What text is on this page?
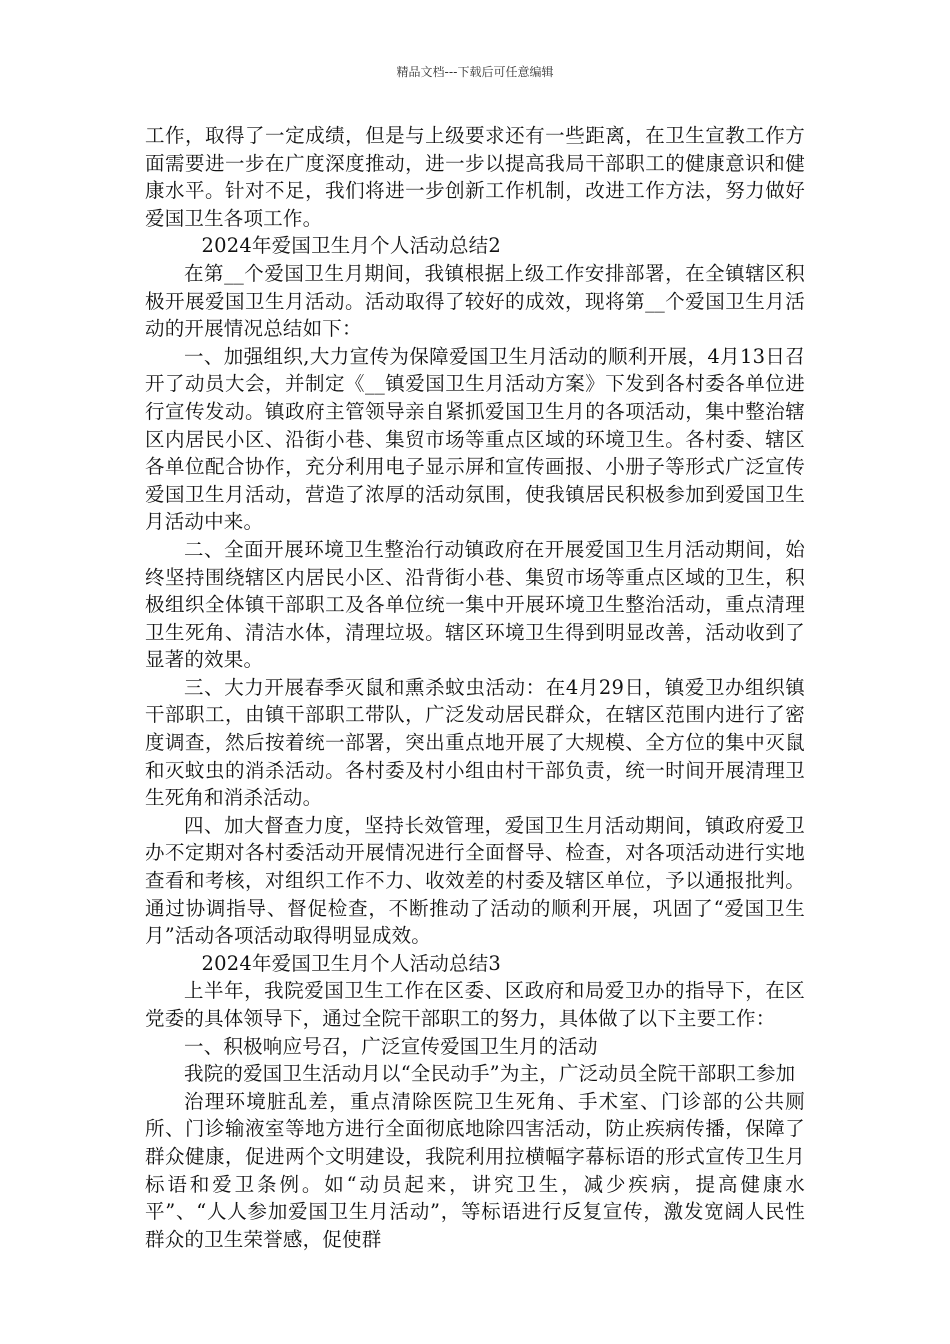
精品文档---下载后可任意编辑

工作，取得了一定成绩，但是与上级要求还有一些距离，在卫生宣教工作方面需要进一步在广度深度推动，进一步以提高我局干部职工的健康意识和健康水平。针对不足，我们将进一步创新工作机制，改进工作方法，努力做好爱国卫生各项工作。

2024年爱国卫生月个人活动总结2

在第__个爱国卫生月期间，我镇根据上级工作安排部署，在全镇辖区积极开展爱国卫生月活动。活动取得了较好的成效，现将第__个爱国卫生月活动的开展情况总结如下：

一、加强组织,大力宣传为保障爱国卫生月活动的顺利开展，4月13日召开了动员大会，并制定《__镇爱国卫生月活动方案》下发到各村委各单位进行宣传发动。镇政府主管领导亲自紧抓爱国卫生月的各项活动，集中整治辖区内居民小区、沿街小巷、集贸市场等重点区域的环境卫生。各村委、辖区各单位配合协作，充分利用电子显示屏和宣传画报、小册子等形式广泛宣传爱国卫生月活动，营造了浓厚的活动氛围，使我镇居民积极参加到爱国卫生月活动中来。

二、全面开展环境卫生整治行动镇政府在开展爱国卫生月活动期间，始终坚持围绕辖区内居民小区、沿背街小巷、集贸市场等重点区域的卫生，积极组织全体镇干部职工及各单位统一集中开展环境卫生整治活动，重点清理卫生死角、清洁水体，清理垃圾。辖区环境卫生得到明显改善，活动收到了显著的效果。

三、大力开展春季灭鼠和熏杀蚊虫活动：在4月29日，镇爱卫办组织镇干部职工，由镇干部职工带队，广泛发动居民群众，在辖区范围内进行了密度调查，然后按着统一部署，突出重点地开展了大规模、全方位的集中灭鼠和灭蚊虫的消杀活动。各村委及村小组由村干部负责，统一时间开展清理卫生死角和消杀活动。

四、加大督查力度，坚持长效管理，爱国卫生月活动期间，镇政府爱卫办不定期对各村委活动开展情况进行全面督导、检查，对各项活动进行实地查看和考核，对组织工作不力、收效差的村委及辖区单位，予以通报批判。通过协调指导、督促检查，不断推动了活动的顺利开展，巩固了“爱国卫生月”活动各项活动取得明显成效。

2024年爱国卫生月个人活动总结3

上半年，我院爱国卫生工作在区委、区政府和局爱卫办的指导下，在区党委的具体领导下，通过全院干部职工的努力，具体做了以下主要工作：

一、积极响应号召，广泛宣传爱国卫生月的活动

我院的爱国卫生活动月以“全民动手”为主，广泛动员全院干部职工参加

治理环境脏乱差，重点清除医院卫生死角、手术室、门诊部的公共厕所、门诊输液室等地方进行全面彻底地除四害活动，防止疾病传播，保障了群众健康，促进两个文明建设，我院利用拉横幅字幕标语的形式宣传卫生月标语和爱卫条例。如“动员起来，讲究卫生，减少疾病，提高健康水平”、“人人参加爱国卫生月活动”，等标语进行反复宣传，激发宽阔人民性群众的卫生荣誉感，促使群
